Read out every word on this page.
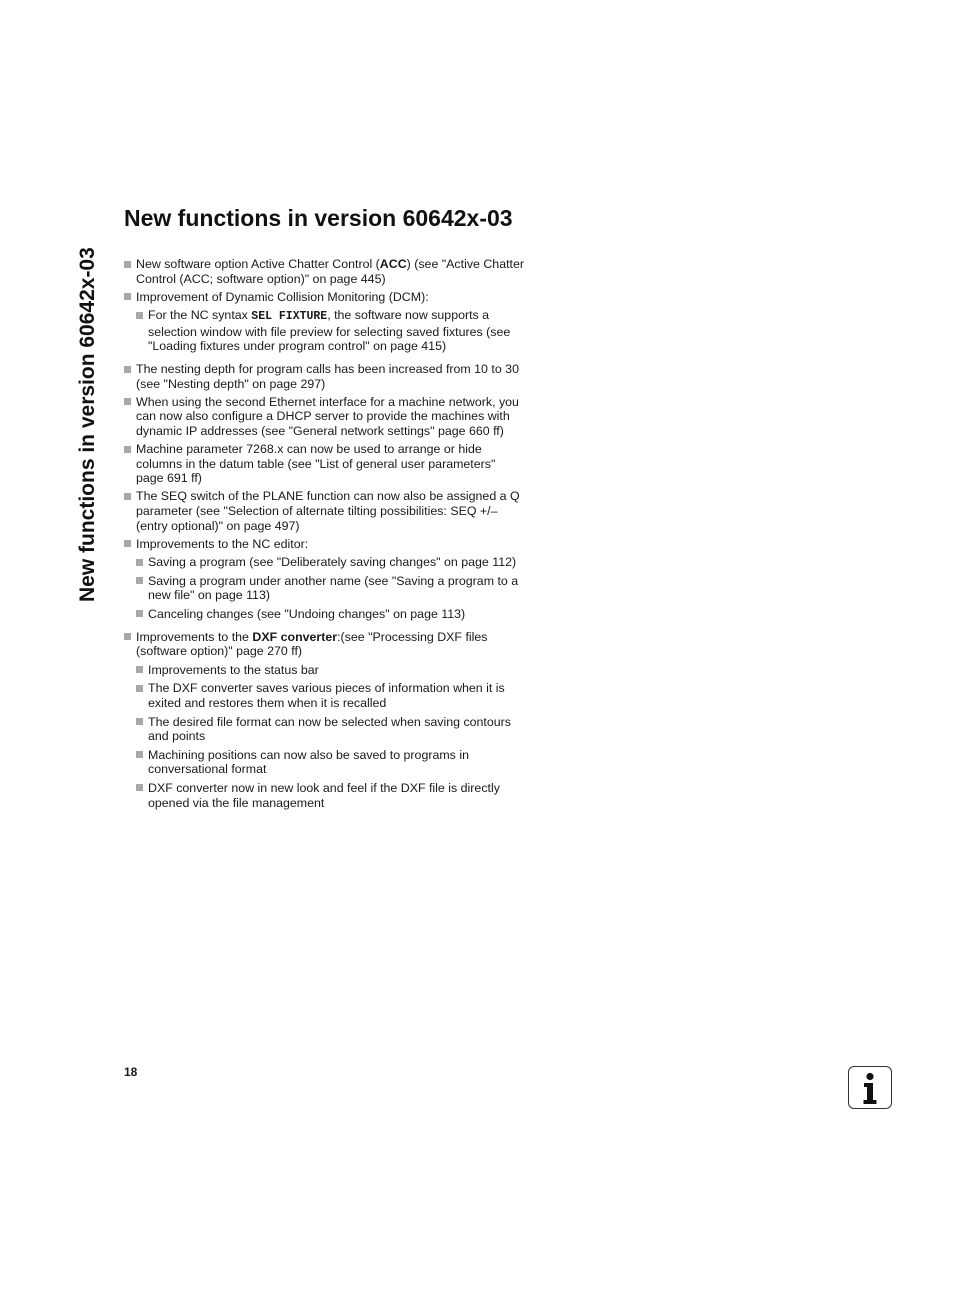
New functions in version 60642x-03
New functions in version 60642x-03
New software option Active Chatter Control (ACC) (see "Active Chatter Control (ACC; software option)" on page 445)
Improvement of Dynamic Collision Monitoring (DCM):
For the NC syntax SEL FIXTURE, the software now supports a selection window with file preview for selecting saved fixtures (see "Loading fixtures under program control" on page 415)
The nesting depth for program calls has been increased from 10 to 30 (see "Nesting depth" on page 297)
When using the second Ethernet interface for a machine network, you can now also configure a DHCP server to provide the machines with dynamic IP addresses (see "General network settings" page 660 ff)
Machine parameter 7268.x can now be used to arrange or hide columns in the datum table (see "List of general user parameters" page 691 ff)
The SEQ switch of the PLANE function can now also be assigned a Q parameter (see "Selection of alternate tilting possibilities: SEQ +/– (entry optional)" on page 497)
Improvements to the NC editor:
Saving a program (see "Deliberately saving changes" on page 112)
Saving a program under another name (see "Saving a program to a new file" on page 113)
Canceling changes (see "Undoing changes" on page 113)
Improvements to the DXF converter:(see "Processing DXF files (software option)" page 270 ff)
Improvements to the status bar
The DXF converter saves various pieces of information when it is exited and restores them when it is recalled
The desired file format can now be selected when saving contours and points
Machining positions can now also be saved to programs in conversational format
DXF converter now in new look and feel if the DXF file is directly opened via the file management
18
